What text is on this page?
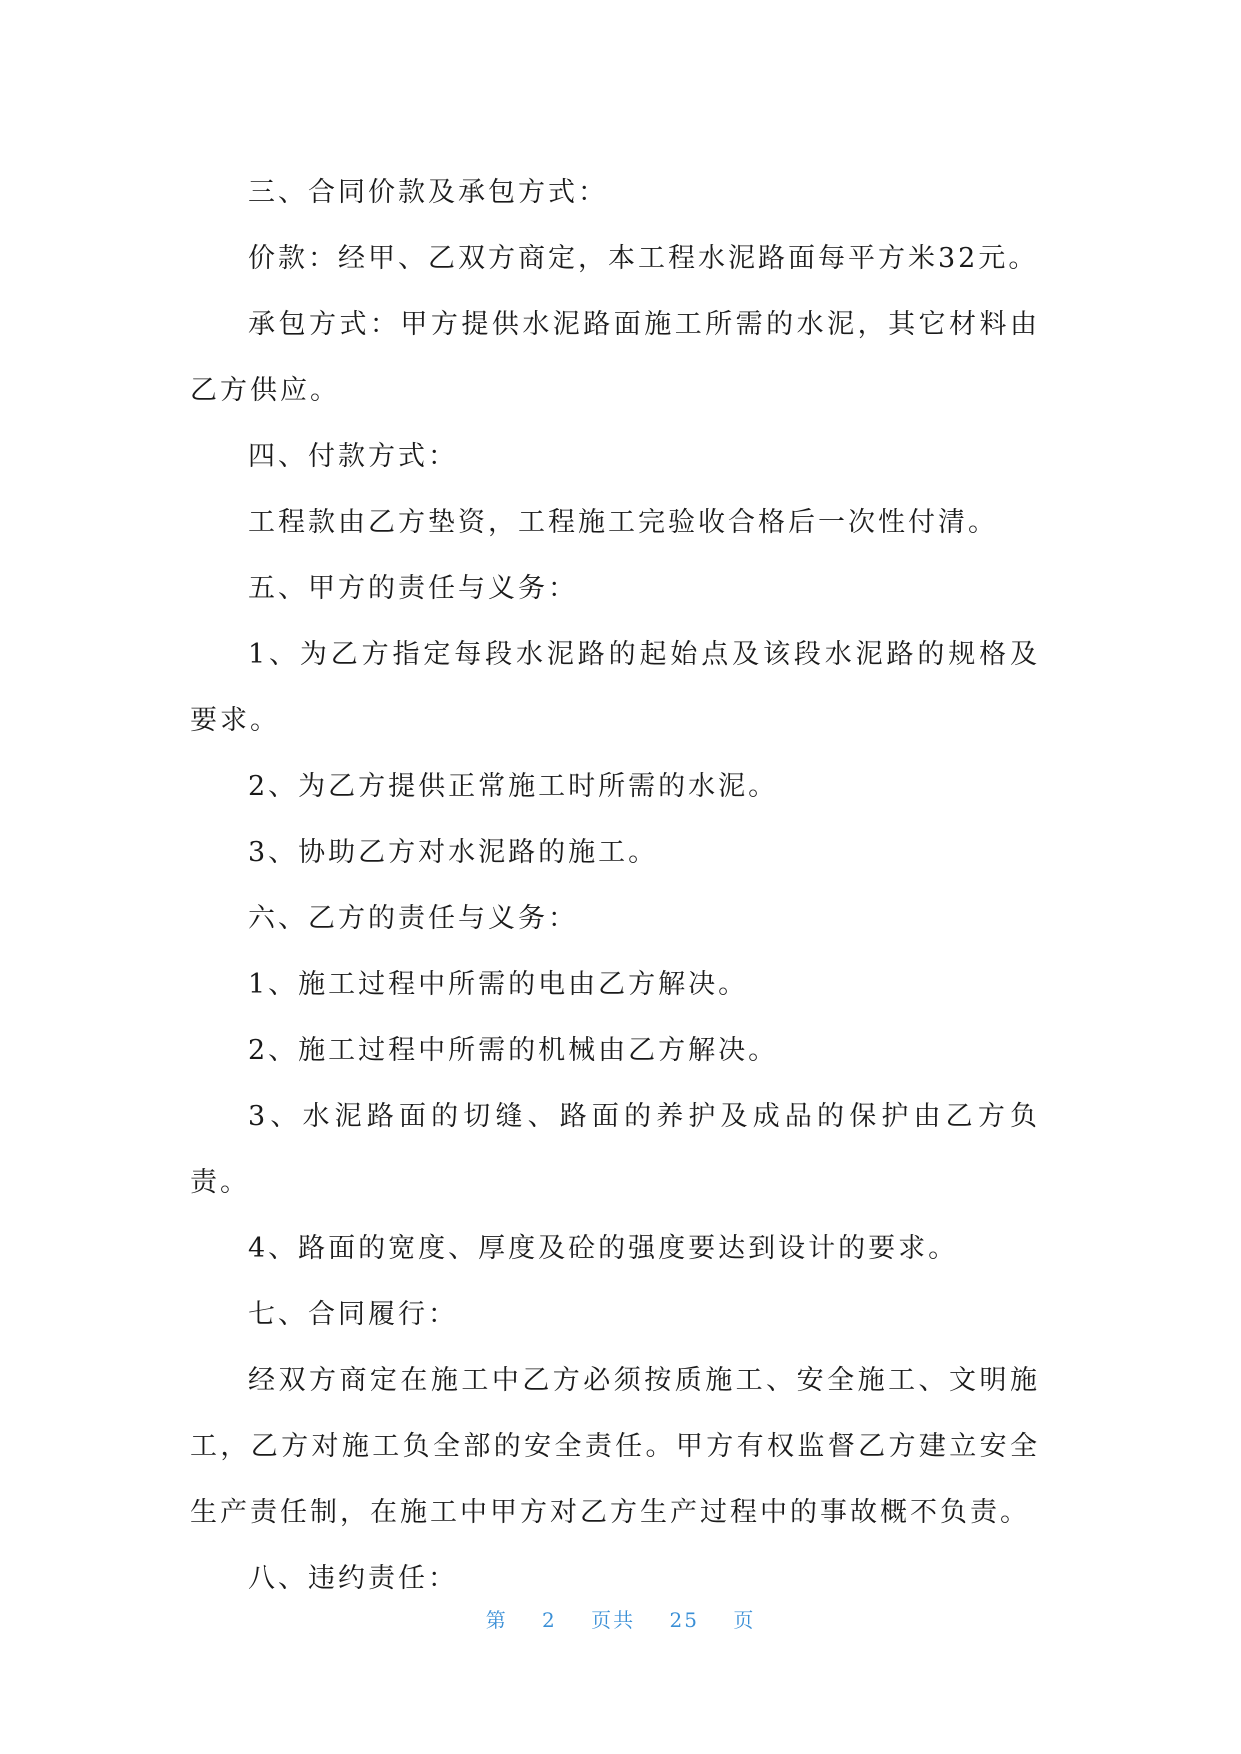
三、合同价款及承包方式：

价款：经甲、乙双方商定，本工程水泥路面每平方米32元。

承包方式：甲方提供水泥路面施工所需的水泥，其它材料由乙方供应。

四、付款方式：

工程款由乙方垫资，工程施工完验收合格后一次性付清。

五、甲方的责任与义务：

1、为乙方指定每段水泥路的起始点及该段水泥路的规格及要求。

2、为乙方提供正常施工时所需的水泥。

3、协助乙方对水泥路的施工。

六、乙方的责任与义务：

1、施工过程中所需的电由乙方解决。

2、施工过程中所需的机械由乙方解决。

3、水泥路面的切缝、路面的养护及成品的保护由乙方负责。

4、路面的宽度、厚度及砼的强度要达到设计的要求。

七、合同履行：

经双方商定在施工中乙方必须按质施工、安全施工、文明施工，乙方对施工负全部的安全责任。甲方有权监督乙方建立安全生产责任制，在施工中甲方对乙方生产过程中的事故概不负责。

八、违约责任：

第 2 页共 25 页
